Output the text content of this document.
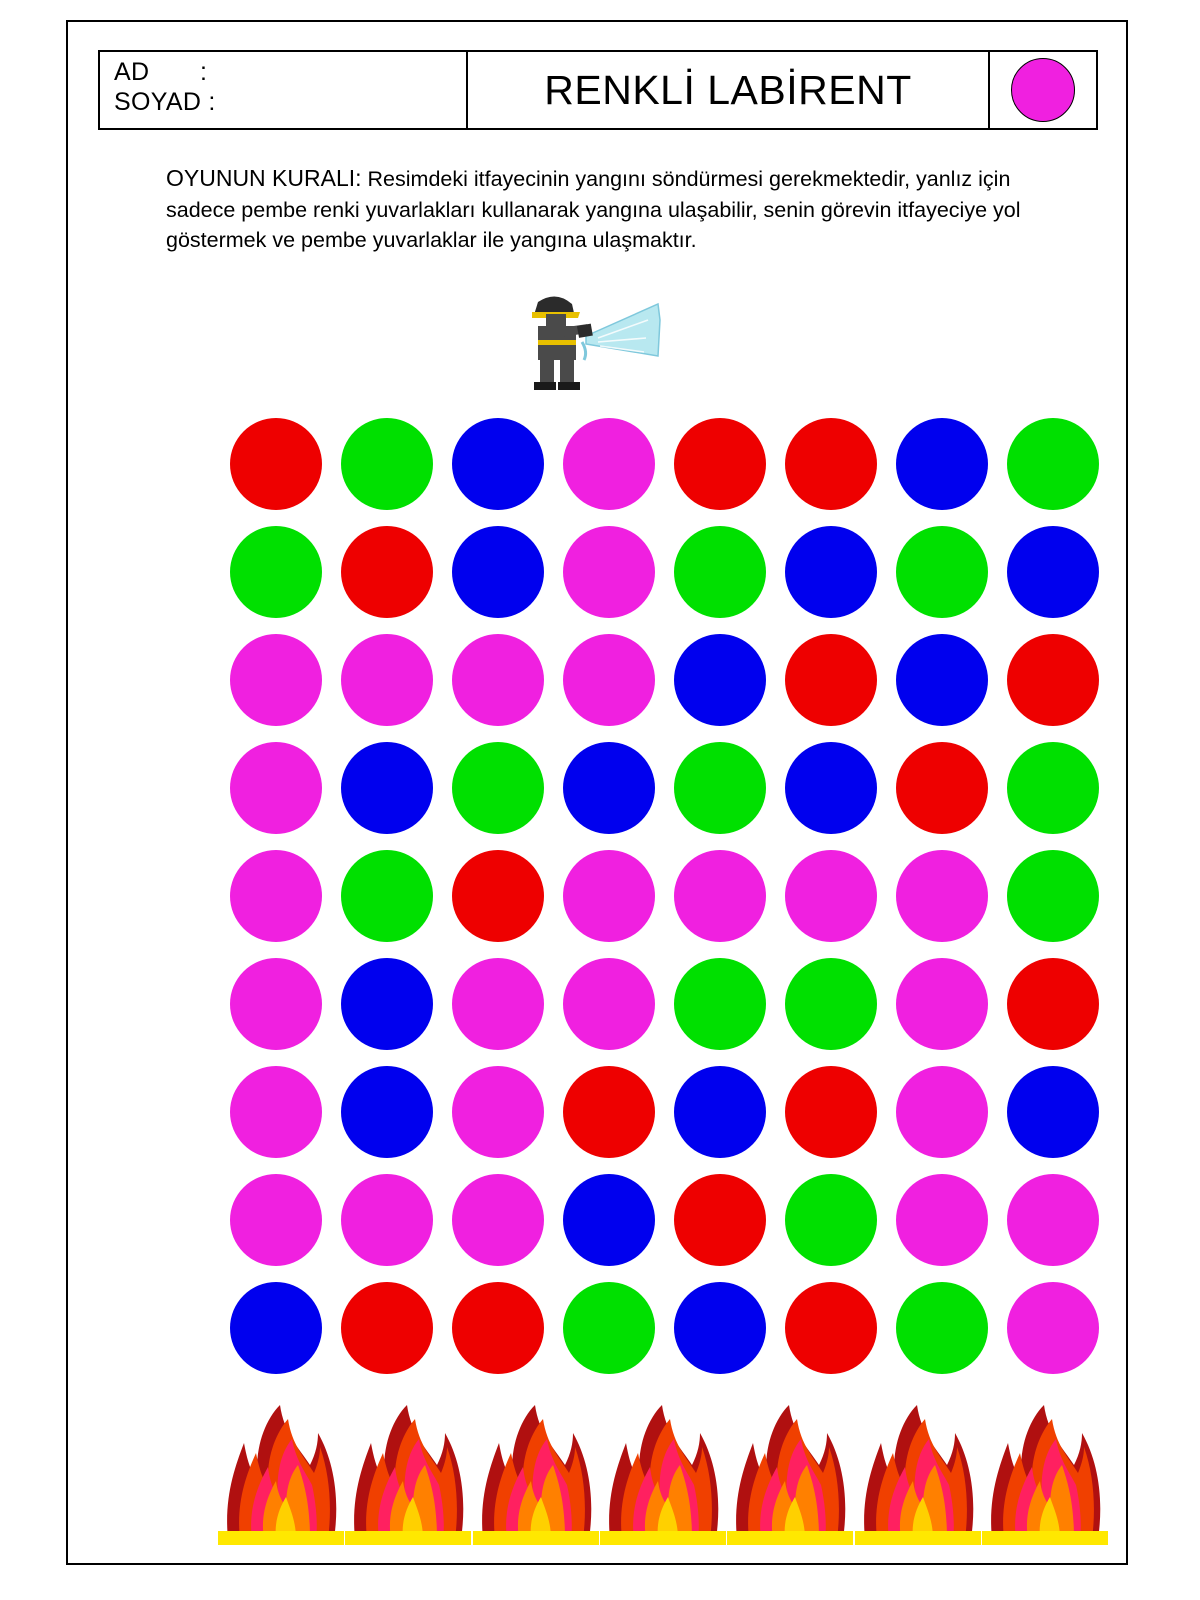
AD       :
SOYAD :	RENKLİ LABİRENT
OYUNUN KURALI: Resimdeki itfayecinin yangını söndürmesi gerekmektedir, yanlız için sadece pembe renki yuvarlakları kullanarak yangına ulaşabilir, senin görevin itfayeciye yol göstermek ve pembe yuvarlaklar ile yangına ulaşmaktır.
